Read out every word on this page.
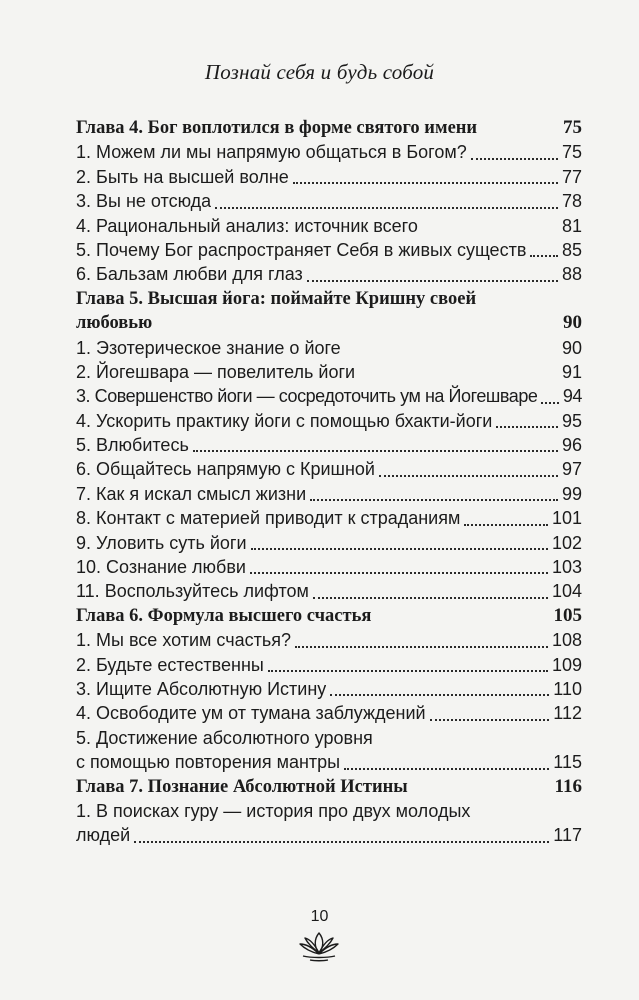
Познай себя и будь собой
Глава 4. Бог воплотился в форме святого имени	75
1. Можем ли мы напрямую общаться в Богом?	75
2. Быть на высшей волне	77
3. Вы не отсюда	78
4. Рациональный анализ: источник всего	81
5. Почему Бог распространяет Себя в живых существ 85
6. Бальзам любви для глаз	88
Глава 5. Высшая йога: поймайте Кришну своей
любовью	90
1. Эзотерическое знание о йоге	90
2. Йогешвара — повелитель йоги	91
3. Совершенство йоги — сосредоточить ум на Йогешваре 94
4. Ускорить практику йоги с помощью бхакти-йоги	95
5. Влюбитесь	96
6. Общайтесь напрямую с Кришной	97
7. Как я искал смысл жизни	99
8. Контакт с материей приводит к страданиям	101
9. Уловить суть йоги	102
10. Сознание любви	103
11. Воспользуйтесь лифтом	104
Глава 6. Формула высшего счастья	105
1. Мы все хотим счастья?	108
2. Будьте естественны	109
3. Ищите Абсолютную Истину	110
4. Освободите ум от тумана заблуждений	112
5. Достижение абсолютного уровня
с помощью повторения мантры	115
Глава 7. Познание Абсолютной Истины	116
1. В поисках гуру — история про двух молодых
людей	117
10
